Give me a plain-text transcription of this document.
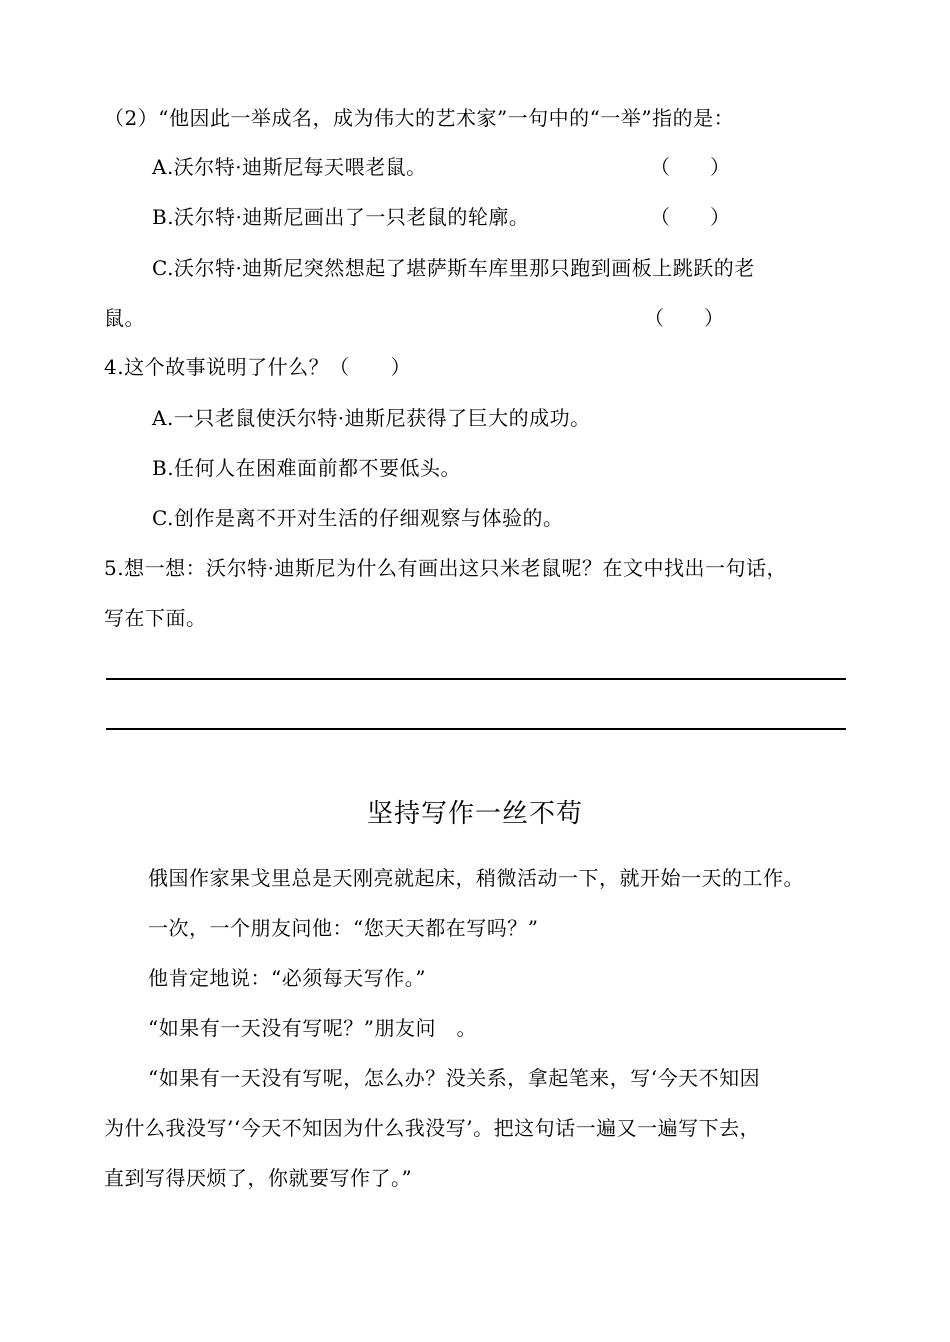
（2）“他因此一举成名，成为伟大的艺术家”一句中的“一举”指的是：
A.沃尔特·迪斯尼每天喂老鼠。	（　　）
B.沃尔特·迪斯尼画出了一只老鼠的轮廓。	（　　）
C.沃尔特·迪斯尼突然想起了堪萨斯车库里那只跑到画板上跳跃的老
鼠。	（　　）
4.这个故事说明了什么？（　　）
A.一只老鼠使沃尔特·迪斯尼获得了巨大的成功。
B.任何人在困难面前都不要低头。
C.创作是离不开对生活的仔细观察与体验的。
5.想一想：沃尔特·迪斯尼为什么有画出这只米老鼠呢？在文中找出一句话，
写在下面。
坚持写作一丝不苟
俄国作家果戈里总是天刚亮就起床，稍微活动一下，就开始一天的工作。
一次，一个朋友问他：“您天天都在写吗？”
他肯定地说：“必须每天写作。”
“如果有一天没有写呢？”朋友问　。
“如果有一天没有写呢，怎么办？没关系，拿起笔来，写‘今天不知因
为什么我没写’‘今天不知因为什么我没写’。把这句话一遍又一遍写下去，
直到写得厌烦了，你就要写作了。”
